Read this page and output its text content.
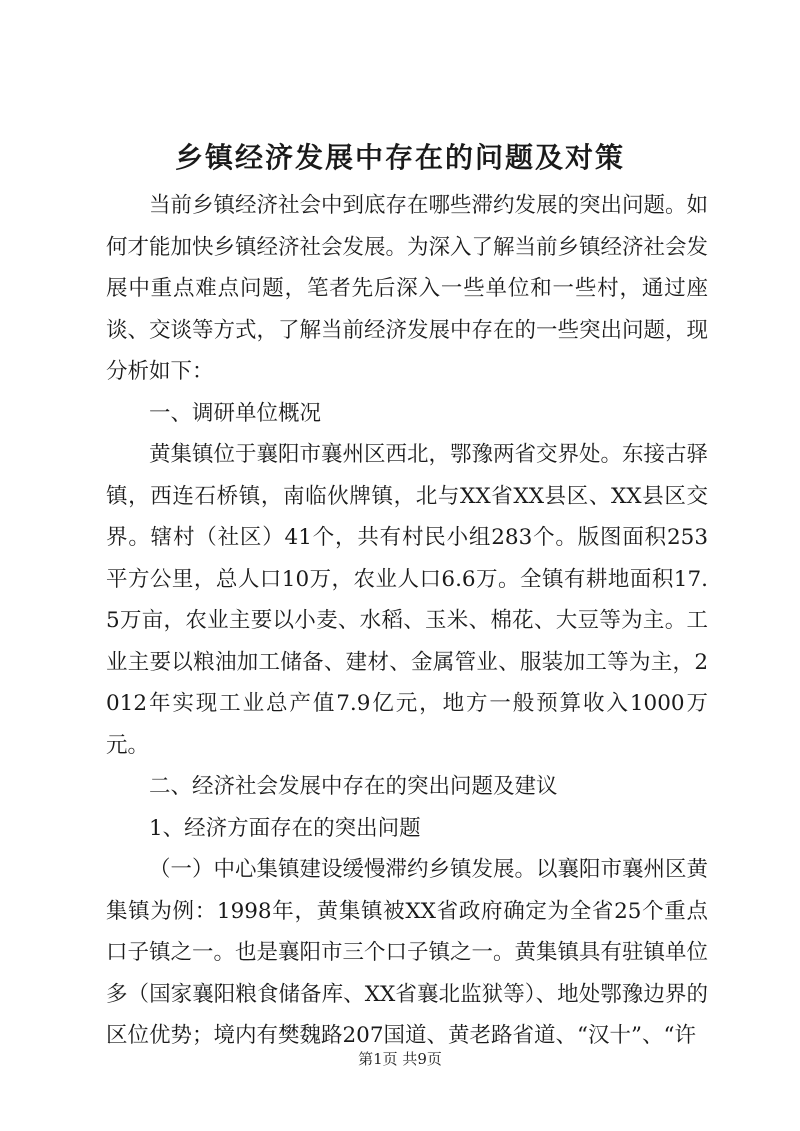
乡镇经济发展中存在的问题及对策

当前乡镇经济社会中到底存在哪些滞约发展的突出问题。如何才能加快乡镇经济社会发展。为深入了解当前乡镇经济社会发展中重点难点问题，笔者先后深入一些单位和一些村，通过座谈、交谈等方式，了解当前经济发展中存在的一些突出问题，现分析如下：

一、调研单位概况

黄集镇位于襄阳市襄州区西北，鄂豫两省交界处。东接古驿镇，西连石桥镇，南临伙牌镇，北与XX省XX县区、XX县区交界。辖村（社区）41个，共有村民小组283个。版图面积253平方公里，总人口10万，农业人口6.6万。全镇有耕地面积17.5万亩，农业主要以小麦、水稻、玉米、棉花、大豆等为主。工业主要以粮油加工储备、建材、金属管业、服装加工等为主，2012年实现工业总产值7.9亿元，地方一般预算收入1000万元。

二、经济社会发展中存在的突出问题及建议

1、经济方面存在的突出问题

（一）中心集镇建设缓慢滞约乡镇发展。以襄阳市襄州区黄集镇为例：1998年，黄集镇被XX省政府确定为全省25个重点口子镇之一。也是襄阳市三个口子镇之一。黄集镇具有驻镇单位多（国家襄阳粮食储备库、XX省襄北监狱等）、地处鄂豫边界的区位优势；境内有樊魏路207国道、黄老路省道、“汉十”、“许

第1页 共9页
